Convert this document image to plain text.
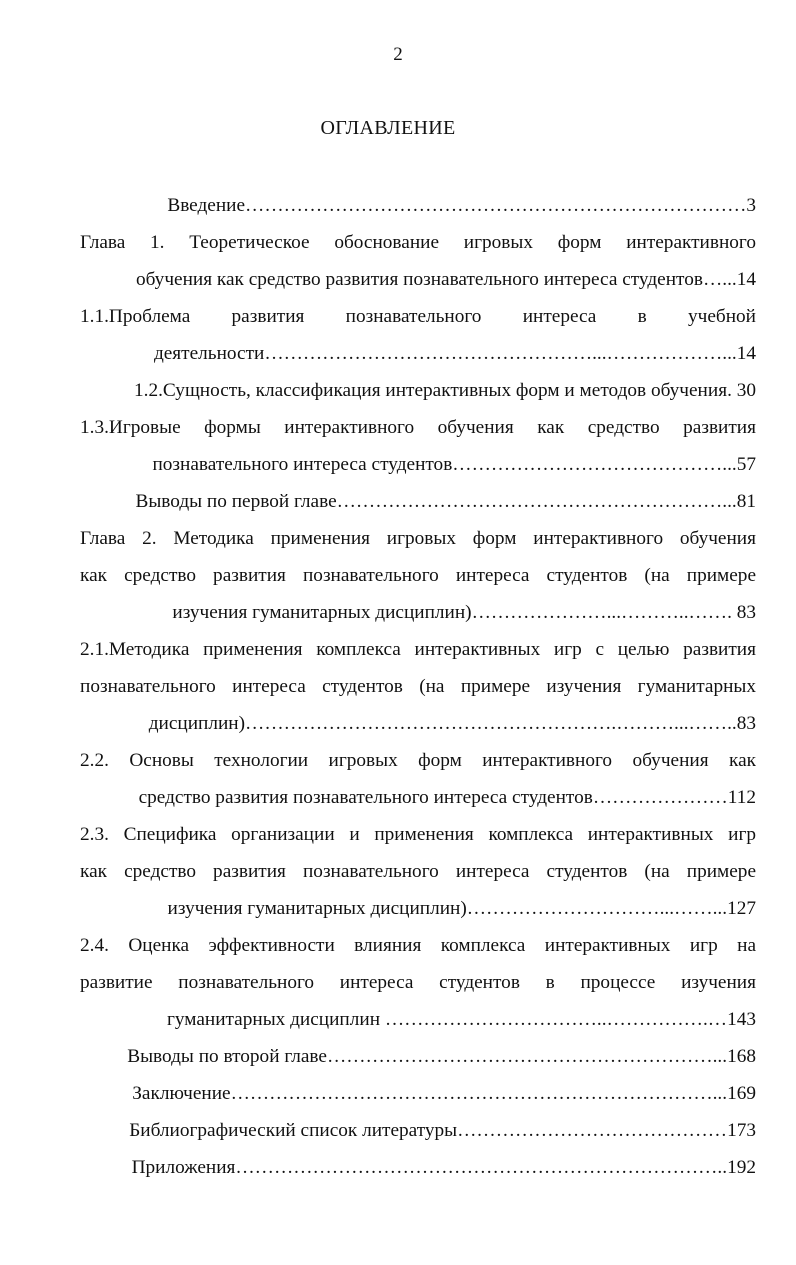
2
ОГЛАВЛЕНИЕ
Введение……………………………………………………………………3
Глава 1. Теоретическое обоснование игровых форм интерактивного
обучения как средство развития познавательного интереса студентов…...14
1.1.Проблема развития познавательного интереса в учебной
деятельности……………………………………………...………………...14
1.2.Сущность, классификация интерактивных форм и методов обучения. 30
1.3.Игровые формы интерактивного обучения как средство развития
познавательного интереса студентов……………………………………...57
Выводы по первой главе……………………………………………………...81
Глава 2. Методика применения игровых форм интерактивного обучения
как средство развития познавательного интереса студентов (на примере
изучения гуманитарных дисциплин)…………………...………..……. 83
2.1.Методика применения комплекса интерактивных игр с целью развития
познавательного интереса студентов (на примере изучения гуманитарных
дисциплин)………………………………………………….………...……..83
2.2. Основы технологии игровых форм интерактивного обучения как
средство развития познавательного интереса студентов…………………112
2.3. Специфика организации и применения комплекса интерактивных игр
как средство развития познавательного интереса студентов (на примере
изучения гуманитарных дисциплин)…………………………...……...127
2.4. Оценка эффективности влияния комплекса интерактивных игр на
развитие познавательного интереса студентов в процессе изучения
гуманитарных дисциплин ……………………………..…………….…143
Выводы по второй главе……………………………………………………...168
Заключение…………………………………………………………………...169
Библиографический список литературы……………………………………173
Приложения…………………………………………………………………..192
